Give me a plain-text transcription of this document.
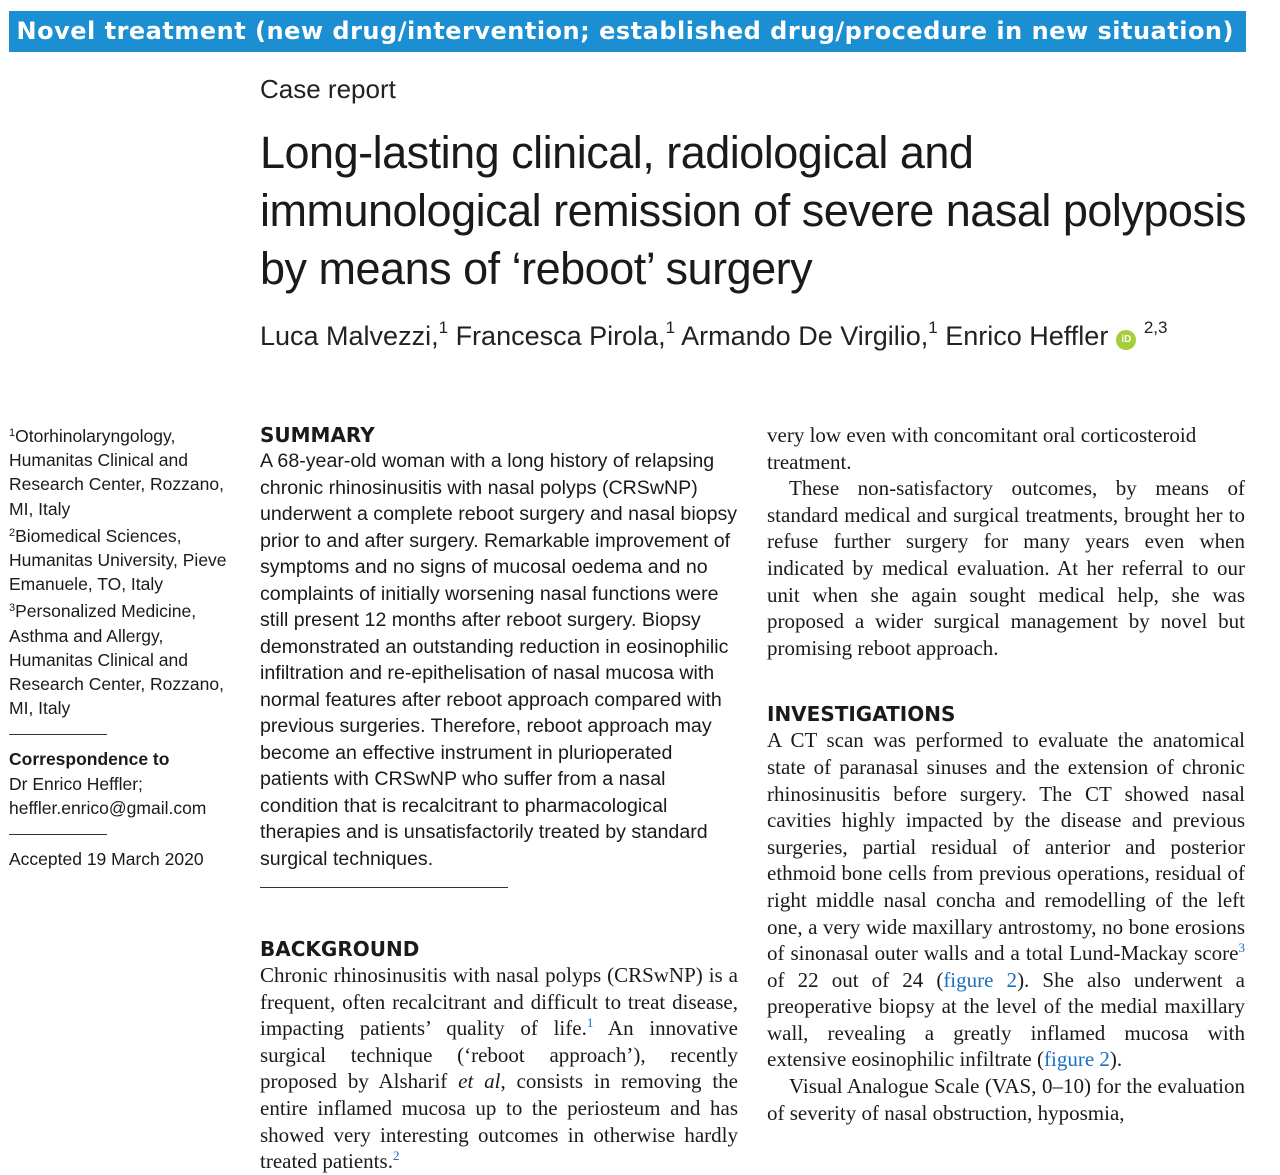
Novel treatment (new drug/intervention; established drug/procedure in new situation)
Case report
Long-lasting clinical, radiological and immunological remission of severe nasal polyposis by means of ‘reboot’ surgery
Luca Malvezzi,$^1$ Francesca Pirola,$^1$ Armando De Virgilio,$^1$ Enrico Heffler iD $^{2,3}$

$^1$Otorhinolaryngology, Humanitas Clinical and Research Center, Rozzano, MI, Italy

$^2$Biomedical Sciences, Humanitas University, Pieve Emanuele, TO, Italy

$^3$Personalized Medicine, Asthma and Allergy, Humanitas Clinical and Research Center, Rozzano, MI, Italy

Correspondence to
Dr Enrico Heffler;
heffler.enrico@gmail.com
Accepted 19 March 2020
SUMMARY

A 68-year-old woman with a long history of relapsing chronic rhinosinusitis with nasal polyps (CRSwNP) underwent a complete reboot surgery and nasal biopsy prior to and after surgery. Remarkable improvement of symptoms and no signs of mucosal oedema and no complaints of initially worsening nasal functions were still present 12 months after reboot surgery. Biopsy demonstrated an outstanding reduction in eosinophilic infiltration and re-epithelisation of nasal mucosa with normal features after reboot approach compared with previous surgeries. Therefore, reboot approach may become an effective instrument in plurioperated patients with CRSwNP who suffer from a nasal condition that is recalcitrant to pharmacological therapies and is unsatisfactorily treated by standard surgical techniques.

BACKGROUND

Chronic rhinosinusitis with nasal polyps (CRSwNP) is a frequent, often recalcitrant and difficult to treat disease, impacting patients’ quality of life.$^1$ An innovative surgical technique (‘reboot approach’), recently proposed by Alsharif et al, consists in removing the entire inflamed mucosa up to the periosteum and has showed very interesting outcomes in otherwise hardly treated patients.$^2$

very low even with concomitant oral corticosteroid treatment.

These non-satisfactory outcomes, by means of standard medical and surgical treatments, brought her to refuse further surgery for many years even when indicated by medical evaluation. At her referral to our unit when she again sought medical help, she was proposed a wider surgical management by novel but promising reboot approach.

INVESTIGATIONS

A CT scan was performed to evaluate the anatomical state of paranasal sinuses and the extension of chronic rhinosinusitis before surgery. The CT showed nasal cavities highly impacted by the disease and previous surgeries, partial residual of anterior and posterior ethmoid bone cells from previous operations, residual of right middle nasal concha and remodelling of the left one, a very wide maxillary antrostomy, no bone erosions of sinonasal outer walls and a total Lund-Mackay score$^3$ of 22 out of 24 (figure 2). She also underwent a preoperative biopsy at the level of the medial maxillary wall, revealing a greatly inflamed mucosa with extensive eosinophilic infiltrate (figure 2).

Visual Analogue Scale (VAS, 0–10) for the evaluation of severity of nasal obstruction, hyposmia,
